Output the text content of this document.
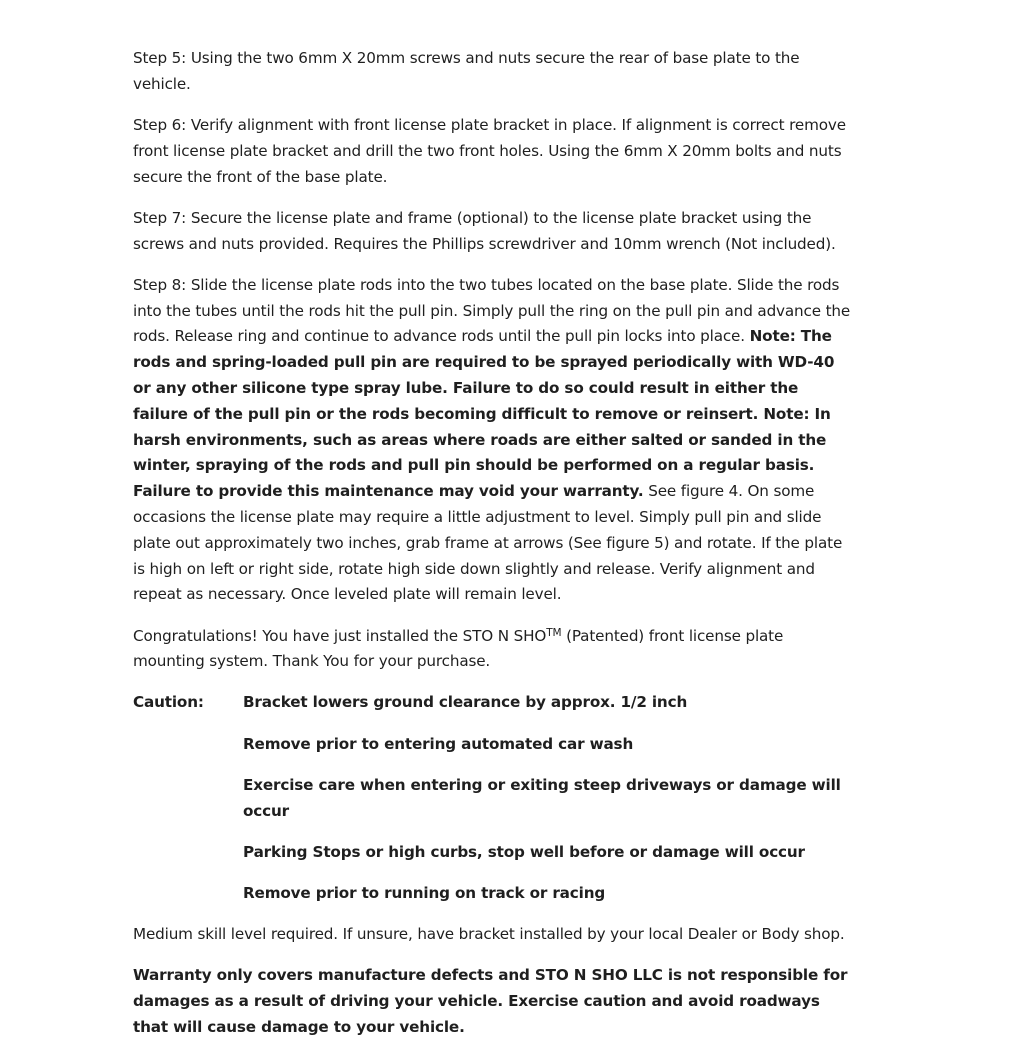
Step 5: Using the two 6mm X 20mm screws and nuts secure the rear of base plate to the vehicle.

Step 6: Verify alignment with front license plate bracket in place. If alignment is correct remove front license plate bracket and drill the two front holes. Using the 6mm X 20mm bolts and nuts secure the front of the base plate.

Step 7: Secure the license plate and frame (optional) to the license plate bracket using the screws and nuts provided. Requires the Phillips screwdriver and 10mm wrench (Not included).

Step 8: Slide the license plate rods into the two tubes located on the base plate. Slide the rods into the tubes until the rods hit the pull pin. Simply pull the ring on the pull pin and advance the rods. Release ring and continue to advance rods until the pull pin locks into place. Note: The rods and spring-loaded pull pin are required to be sprayed periodically with WD-40 or any other silicone type spray lube. Failure to do so could result in either the failure of the pull pin or the rods becoming difficult to remove or reinsert. Note: In harsh environments, such as areas where roads are either salted or sanded in the winter, spraying of the rods and pull pin should be performed on a regular basis. Failure to provide this maintenance may void your warranty. See figure 4. On some occasions the license plate may require a little adjustment to level. Simply pull pin and slide plate out approximately two inches, grab frame at arrows (See figure 5) and rotate. If the plate is high on left or right side, rotate high side down slightly and release. Verify alignment and repeat as necessary. Once leveled plate will remain level.

Congratulations! You have just installed the STO N SHO™ (Patented) front license plate mounting system. Thank You for your purchase.

Caution:	Bracket lowers ground clearance by approx. 1/2 inch
Remove prior to entering automated car wash
Exercise care when entering or exiting steep driveways or damage will occur
Parking Stops or high curbs, stop well before or damage will occur
Remove prior to running on track or racing

Medium skill level required. If unsure, have bracket installed by your local Dealer or Body shop.

Warranty only covers manufacture defects and STO N SHO LLC is not responsible for damages as a result of driving your vehicle. Exercise caution and avoid roadways that will cause damage to your vehicle.
